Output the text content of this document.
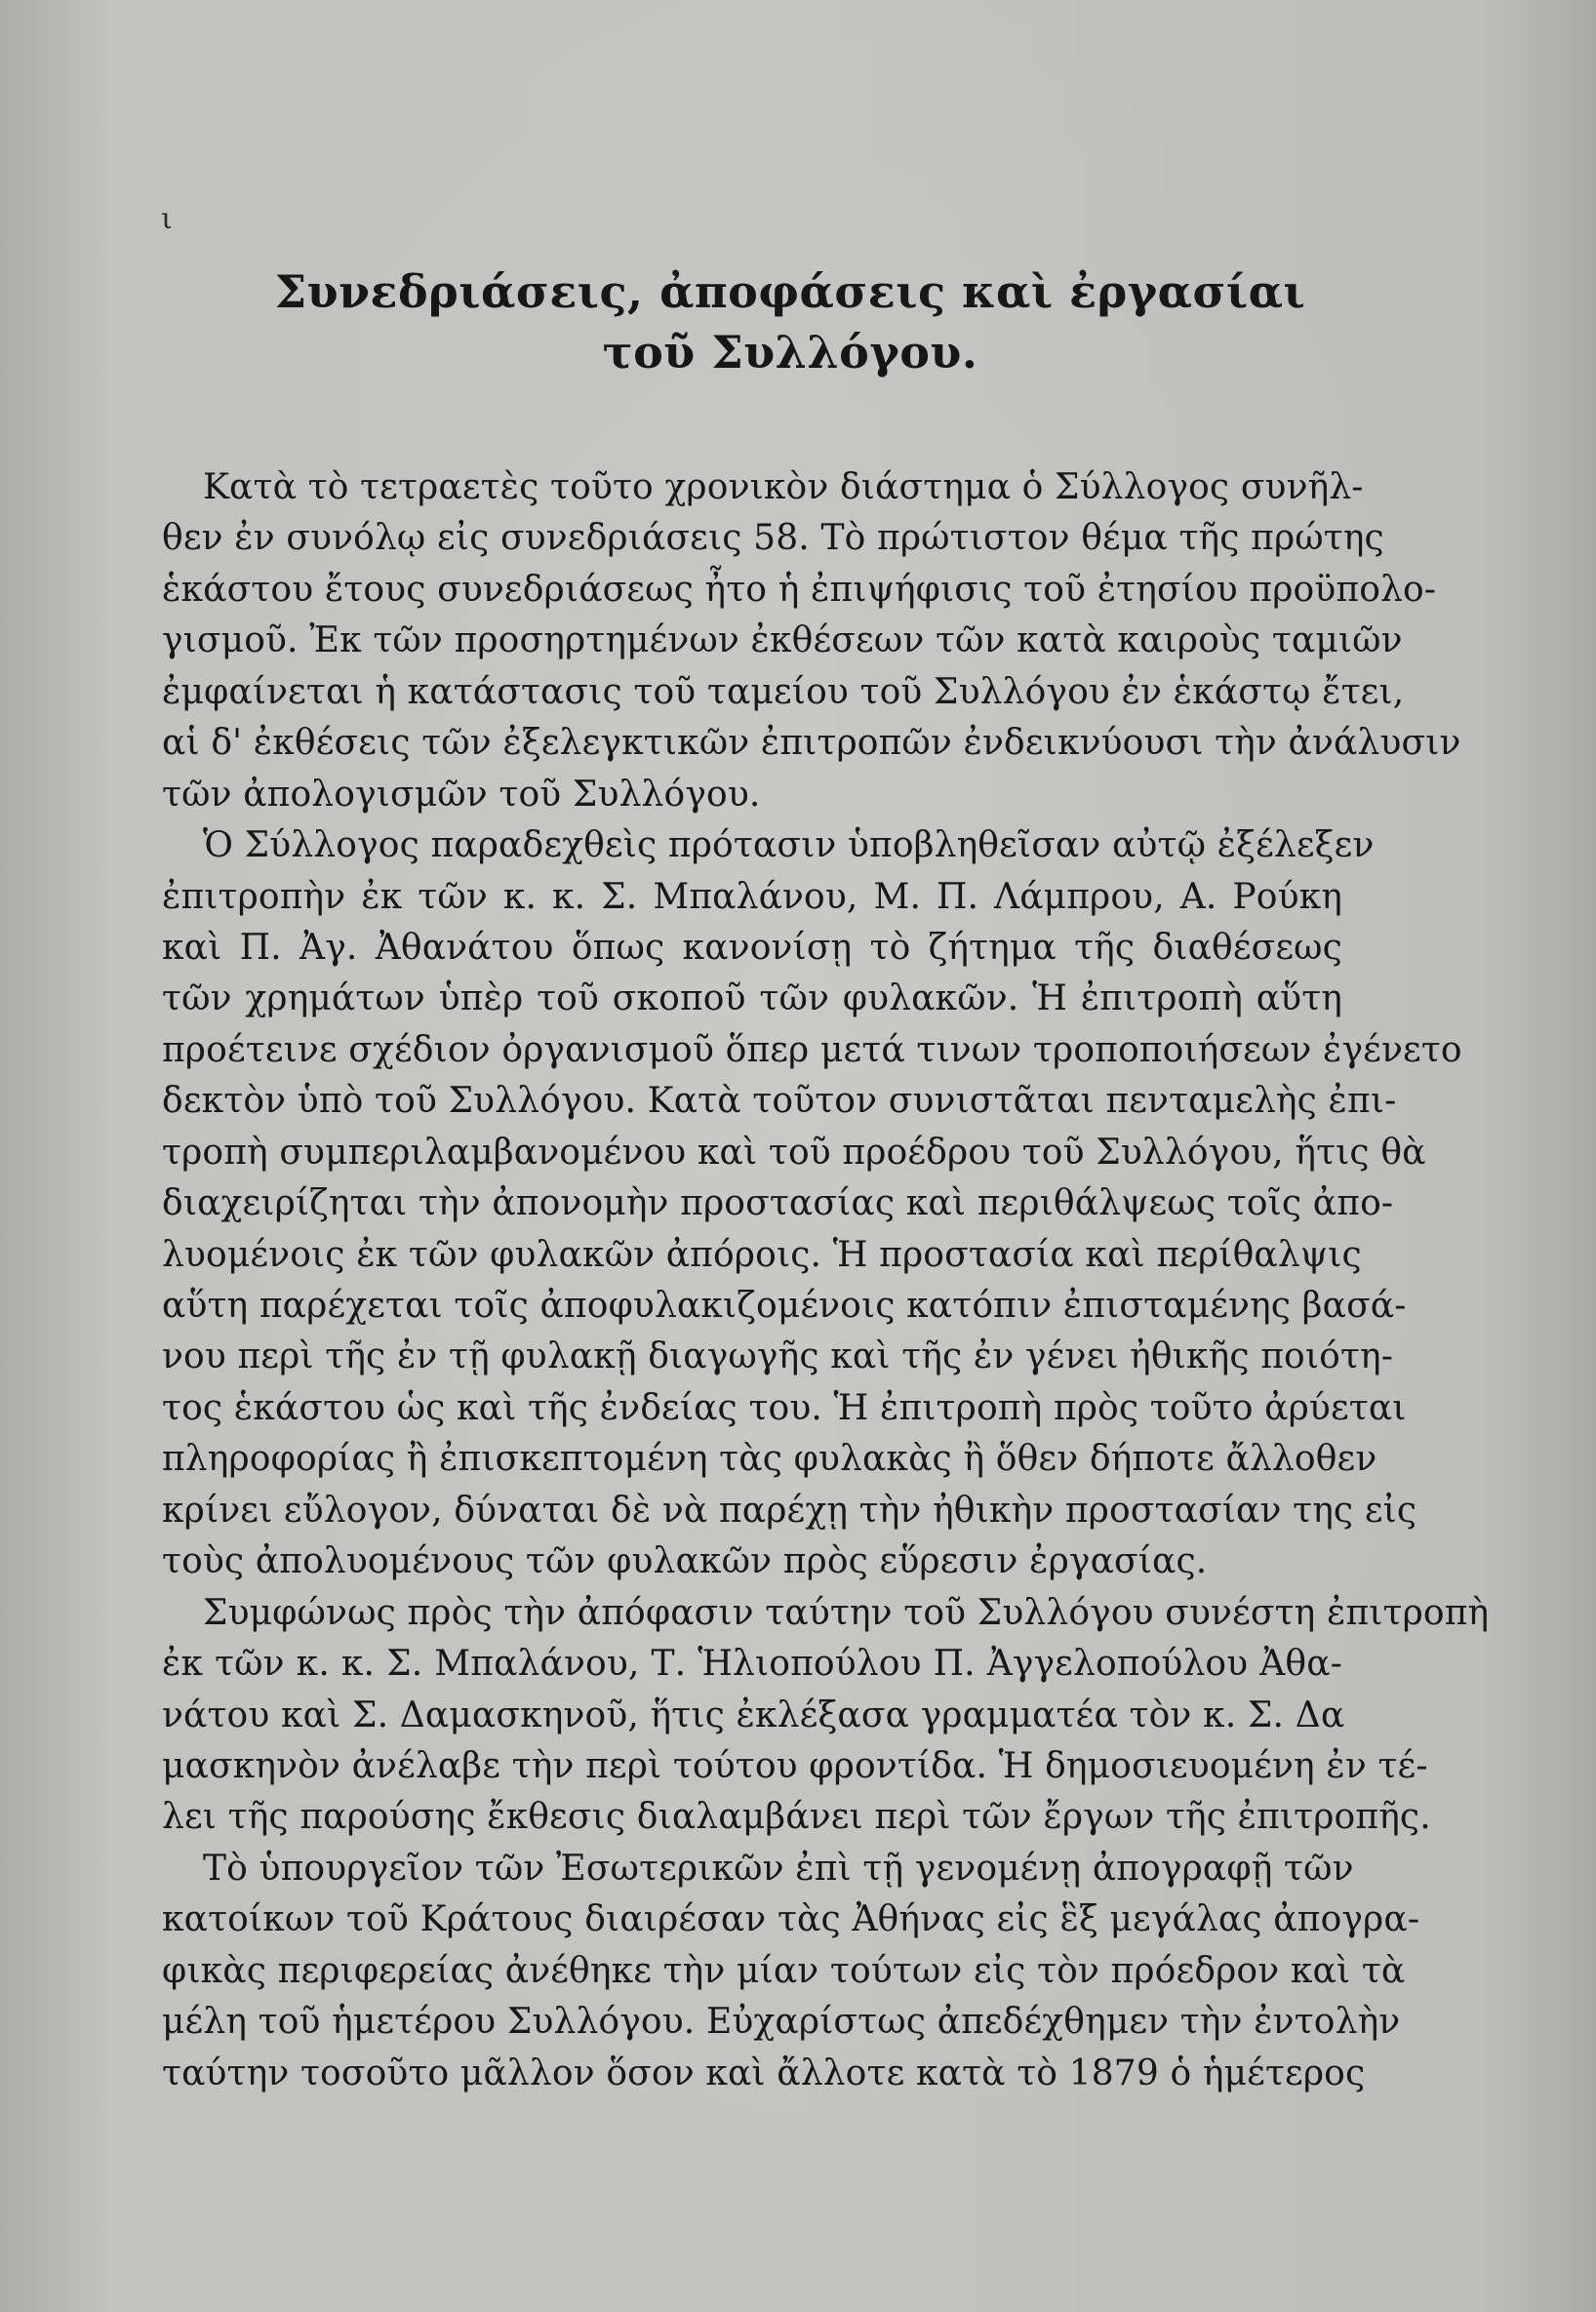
ι
Συνεδριάσεις, ἀποφάσεις καὶ ἐργασίαι
τοῦ Συλλόγου.
Κατὰ τὸ τετραετὲς τοῦτο χρονικὸν διάστημα ὁ Σύλλογος συνῆλ-
θεν ἐν συνόλῳ εἰς συνεδριάσεις 58. Τὸ πρώτιστον θέμα τῆς πρώτης
ἑκάστου ἔτους συνεδριάσεως ἦτο ἡ ἐπιψήφισις τοῦ ἐτησίου προϋπολο-
γισμοῦ. Ἐκ τῶν προσηρτημένων ἐκθέσεων τῶν κατὰ καιροὺς ταμιῶν
ἐμφαίνεται ἡ κατάστασις τοῦ ταμείου τοῦ Συλλόγου ἐν ἑκάστῳ ἔτει,
αἱ δ' ἐκθέσεις τῶν ἐξελεγκτικῶν ἐπιτροπῶν ἐνδεικνύουσι τὴν ἀνάλυσιν
τῶν ἀπολογισμῶν τοῦ Συλλόγου.
Ὁ Σύλλογος παραδεχθεὶς πρότασιν ὑποβληθεῖσαν αὐτῷ ἐξέλεξεν
ἐπιτροπὴν ἐκ τῶν κ. κ. Σ. Μπαλάνου, Μ. Π. Λάμπρου, Α. Ρούκη
καὶ Π. Ἀγ. Ἀθανάτου ὅπως κανονίσῃ τὸ ζήτημα τῆς διαθέσεως
τῶν χρημάτων ὑπὲρ τοῦ σκοποῦ τῶν φυλακῶν. Ἡ ἐπιτροπὴ αὕτη
προέτεινε σχέδιον ὀργανισμοῦ ὅπερ μετά τινων τροποποιήσεων ἐγένετο
δεκτὸν ὑπὸ τοῦ Συλλόγου. Κατὰ τοῦτον συνιστᾶται πενταμελὴς ἐπι-
τροπὴ συμπεριλαμβανομένου καὶ τοῦ προέδρου τοῦ Συλλόγου, ἥτις θὰ
διαχειρίζηται τὴν ἀπονομὴν προστασίας καὶ περιθάλψεως τοῖς ἀπο-
λυομένοις ἐκ τῶν φυλακῶν ἀπόροις. Ἡ προστασία καὶ περίθαλψις
αὕτη παρέχεται τοῖς ἀποφυλακιζομένοις κατόπιν ἐπισταμένης βασά-
νου περὶ τῆς ἐν τῇ φυλακῇ διαγωγῆς καὶ τῆς ἐν γένει ἠθικῆς ποιότη-
τος ἑκάστου ὡς καὶ τῆς ἐνδείας του. Ἡ ἐπιτροπὴ πρὸς τοῦτο ἀρύεται
πληροφορίας ἢ ἐπισκεπτομένη τὰς φυλακὰς ἢ ὅθεν δήποτε ἄλλοθεν
κρίνει εὔλογον, δύναται δὲ νὰ παρέχῃ τὴν ἠθικὴν προστασίαν της εἰς
τοὺς ἀπολυομένους τῶν φυλακῶν πρὸς εὕρεσιν ἐργασίας.
Συμφώνως πρὸς τὴν ἀπόφασιν ταύτην τοῦ Συλλόγου συνέστη ἐπιτροπὴ
ἐκ τῶν κ. κ. Σ. Μπαλάνου, Τ. Ἡλιοπούλου Π. Ἀγγελοπούλου Ἀθα-
νάτου καὶ Σ. Δαμασκηνοῦ, ἥτις ἐκλέξασα γραμματέα τὸν κ. Σ. Δα
μασκηνὸν ἀνέλαβε τὴν περὶ τούτου φροντίδα. Ἡ δημοσιευομένη ἐν τέ-
λει τῆς παρούσης ἔκθεσις διαλαμβάνει περὶ τῶν ἔργων τῆς ἐπιτροπῆς.
Τὸ ὑπουργεῖον τῶν Ἐσωτερικῶν ἐπὶ τῇ γενομένῃ ἀπογραφῇ τῶν
κατοίκων τοῦ Κράτους διαιρέσαν τὰς Ἀθήνας εἰς ἓξ μεγάλας ἀπογρα-
φικὰς περιφερείας ἀνέθηκε τὴν μίαν τούτων εἰς τὸν πρόεδρον καὶ τὰ
μέλη τοῦ ἡμετέρου Συλλόγου. Εὐχαρίστως ἀπεδέχθημεν τὴν ἐντολὴν
ταύτην τοσοῦτο μᾶλλον ὅσον καὶ ἄλλοτε κατὰ τὸ 1879 ὁ ἡμέτερος
